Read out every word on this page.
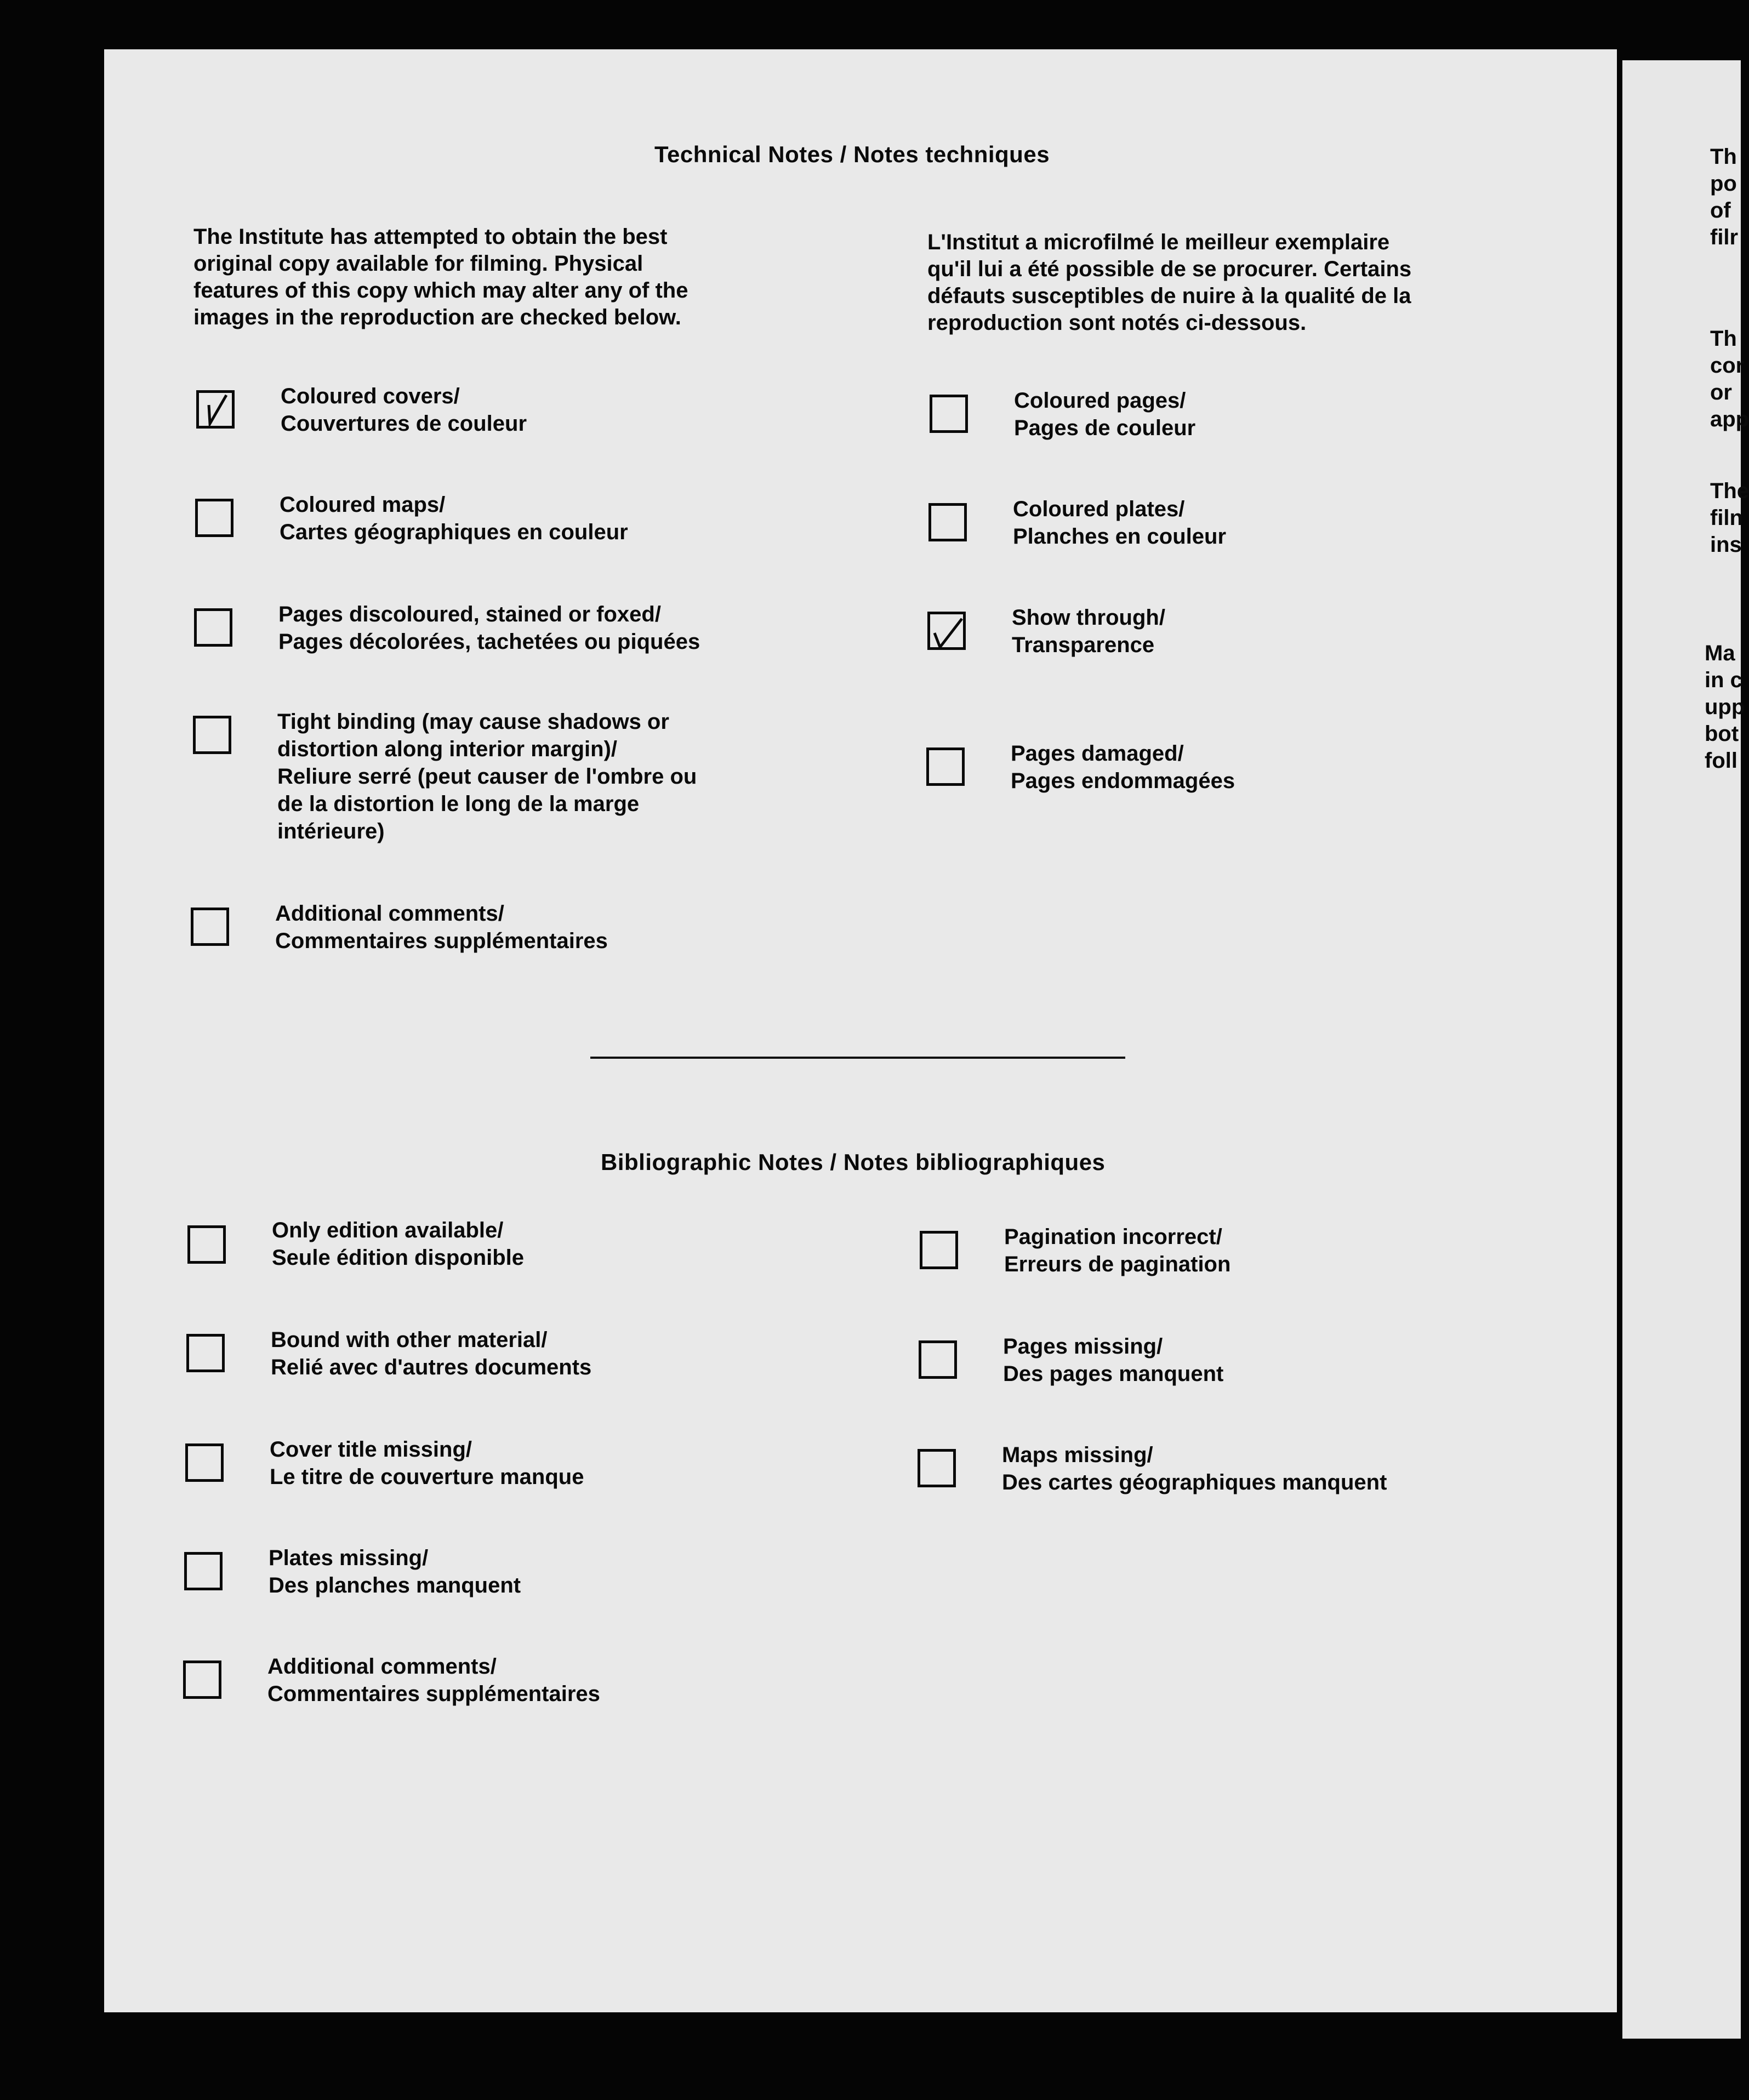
Technical Notes / Notes techniques
The Institute has attempted to obtain the best
original copy available for filming. Physical
features of this copy which may alter any of the
images in the reproduction are checked below.
L'Institut a microfilmé le meilleur exemplaire
qu'il lui a été possible de se procurer. Certains
défauts susceptibles de nuire à la qualité de la
reproduction sont notés ci-dessous.
Coloured covers/
Couvertures de couleur
Coloured maps/
Cartes géographiques en couleur
Pages discoloured, stained or foxed/
Pages décolorées, tachetées ou piquées
Tight binding (may cause shadows or
distortion along interior margin)/
Reliure serré (peut causer de l'ombre ou
de la distortion le long de la marge
intérieure)
Additional comments/
Commentaires supplémentaires
Coloured pages/
Pages de couleur
Coloured plates/
Planches en couleur
Show through/
Transparence
Pages damaged/
Pages endommagées
Bibliographic Notes / Notes bibliographiques
Only edition available/
Seule édition disponible
Bound with other material/
Relié avec d'autres documents
Cover title missing/
Le titre de couverture manque
Plates missing/
Des planches manquent
Additional comments/
Commentaires supplémentaires
Pagination incorrect/
Erreurs de pagination
Pages missing/
Des pages manquent
Maps missing/
Des cartes géographiques manquent
Th
po
of
filr
Th
cor
or
app
The
filn
ins
Ma
in c
upp
bot
foll
